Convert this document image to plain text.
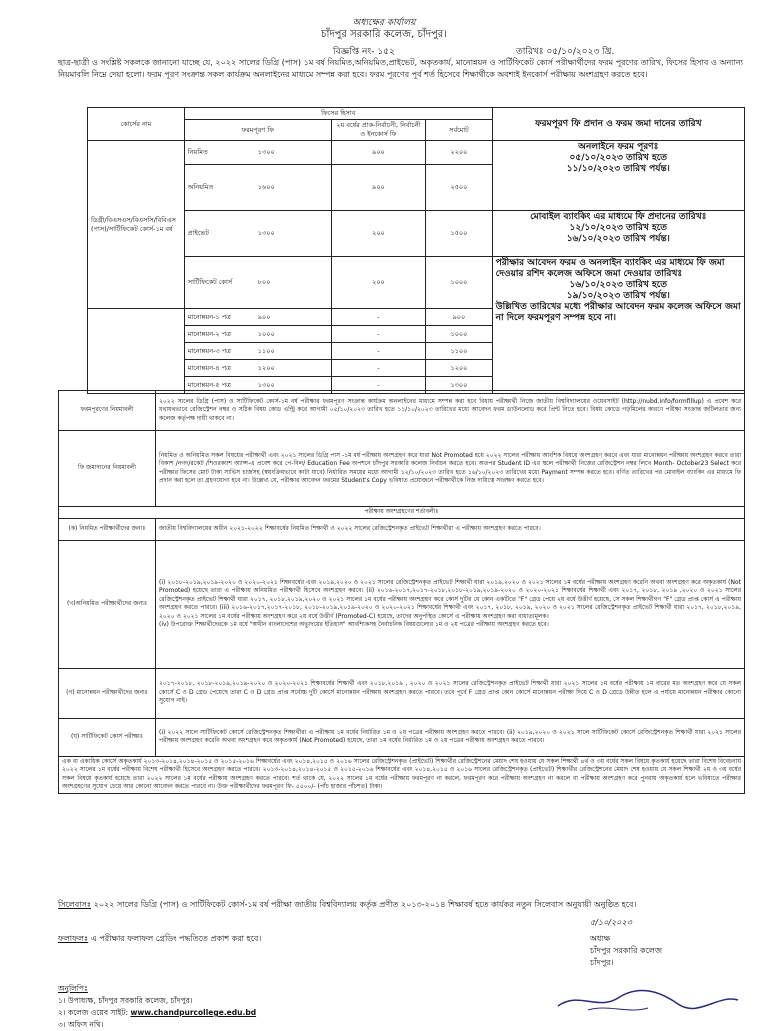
অধ্যক্ষের কার্যালয়
চাঁদপুর সরকারি কলেজ, চাঁদপুর।
বিজ্ঞপ্তি নং- ১৫২	তারিখঃ ০৫/১০/২০২৩ খ্রি.
ছাত্র-ছাত্রী ও সংশ্লিষ্ট সকলকে জানানো যাচ্ছে যে, ২০২২ সালের ডিগ্রি (পাস) ১ম বর্ষ নিয়মিত,অনিয়মিত,প্রাইভেট, অকৃতকার্য, মানোন্নয়ন ও সার্টিফিকেট কোর্স পরীক্ষার্থীদের ফরম পূরণের তারিখ, ফিসের হিসাব ও অন্যান্য নিয়মাবলি নিম্নে দেয়া হলো। ফরম পূরণ সংক্রান্ত সকল কার্যক্রম অনলাইনের মাধ্যমে সম্পন্ন করা হবে। ফরম পূরণের পূর্ব শর্ত হিসেবে শিক্ষার্থীকে অবশ্যই ইনকোর্স পরীক্ষায় অংশগ্রহণ করতে হবে।
কোর্সের নাম	ফিসের হিসাব			ফরমপূরণ ফি প্রদান ও ফরম জমা দানের তারিখ
	ফরমপূরণ ফি	২য় বর্ষের প্রাক-নির্বাচনী, নির্বাচনী ও ইনকোর্স ফি	সর্বমোট	
ডিগ্রী/বিএসএস/বিএসসি/বিবিএস (পাস)/সার্টিফিকেট কোর্স-১ম বর্ষ	নিয়মিত ১৩০০	৯০০	২২০০	অনলাইনে ফরম পূরণঃ
০৫/১০/২০২৩ তারিখ হতে
১১/১০/২০২৩ তারিখ পর্যন্ত।

	অনিয়মিত ১৬০০	৯০০	২৫০০	
	প্রাইভেট ১৩০০	২০০	১৫০০	মোবাইল ব্যাংকিং এর মাধ্যমে ফি প্রদানের তারিখঃ
১২/১০/২০২৩ তারিখ হতে
১৬/১০/২০২৩ তারিখ পর্যন্ত।

	সার্টিফিকেট কোর্স ৮০০	২০০	১০০০	পরীক্ষার আবেদন ফরম ও অনলাইন ব্যাংকিং এর মাধ্যমে ফি জমা দেওয়ার রশিদ কলেজ অফিসে জমা দেওয়ার তারিখঃ
১৬/১০/২০২৩ তারিখ হতে
১৯/১০/২০২৩ তারিখ পর্যন্ত।
উল্লিখিত তারিখের মধ্যে পরীক্ষার আবেদন ফরম কলেজ অফিসে জমা না দিলে ফরমপূরণ সম্পন্ন হবে না।

	মানোন্নয়ন-১ পত্র ৯০০	-	৯০০	
	মানোন্নয়ন-২ পত্র ১০০০	-	১০০০	
	মানোন্নয়ন-৩ পত্র ১১০০	-	১১০০	
	মানোন্নয়ন-৪ পত্র ১২০০	-	১২০০	
	মানোন্নয়ন-৫ পত্র ১৩০০	-	১৩০০	
ফরমপূরণের নিয়মাবলী	২০২২ সালের ডিগ্রি (পাস) ও সার্টিফিকেট কোর্স-১ম বর্ষ পরীক্ষার ফরমপূরণ সংক্রান্ত কার্যক্রম অনলাইনের মাধ্যমে সম্পন্ন করা হবে বিধায় পরীক্ষার্থী নিজে জাতীয় বিশ্ববিদ্যালয়ের ওয়েবসাইট (http://nubd.info/formfillup) এ প্রবেশ করে যথাযথভাবে রেজিস্ট্রেশন নম্বর ও সঠিক বিষয় কোড এন্ট্রি করে আগামী ০৫/১০/২০২৩ তারিখ হতে ১১/১০/২০২৩ তারিখের মধ্যে আবেদন ফরম ডাউনলোড করে প্রিন্ট নিতে হবে। বিষয় কোডে গড়মিলের কারণে পরীক্ষা সংক্রান্ত জটিলতার জন্য কলেজ কর্তৃপক্ষ দায়ী থাকবে না।
ফি জমাদানের নিয়মাবলী	নিয়মিত ও অনিয়মিত সকল বিষয়ের পরীক্ষার্থী এবং ২০২১ সালের ডিগ্রি পাস -১ম বর্ষ পরীক্ষায় অংশগ্রহণ করে যারা Not Promoted হয়ে ২০২২ সালের পরীক্ষায় আংশিক বিষয়ে অংশগ্রহণ করবে এবং যারা মানোন্নয়ন পরীক্ষায় অংশগ্রহণ করবে তারা বিকাশ /নগদ/রকেট /শিওরক্যাশ অ্যাপ্স-এ প্রবেশ করে পে-বিল/ Education Fee অপশনে চাঁদপুর সরকারি কলেজ নির্বাচন করতে হবে। অতপর Student ID এর স্থলে পরীক্ষার্থী নিজের রেজিস্ট্রেশন নম্বর লিখে Month- October23 Select করে পরীক্ষার ফিসের মোট টাকা সার্ভিস চার্জসহ (স্বয়ংক্রিয়ভাবে কাটা যাবে) নির্ধারিত সময়ের মধ্যে আগামী ১২/১০/২০২৩ তারিখ হতে ১৬/১০/২০২৩ তারিখের মধ্যে Payment সম্পন্ন করতে হবে। বর্ণিত তারিখের পর মোবাইল ব্যাংকিং এর মাধ্যমে ফি প্রদান করা হলে তা গ্রহণযোগ্য হবে না। উল্লেখ্য যে, পরীক্ষার আবেদন ফরমের Student's Copy ভবিষ্যত প্রয়োজনে পরীক্ষার্থীকে নিজ দায়িত্বে সংরক্ষণ করতে হবে।
পরীক্ষায় অংশগ্রহণের শর্তাবলীঃ	
(ক) নিয়মিত পরীক্ষার্থীদের জন্যঃ	জাতীয় বিশ্ববিদ্যালয়ের অধীন ২০২১-২০২২ শিক্ষাবর্ষের নিয়মিত শিক্ষার্থী ও ২০২২ সালের রেজিস্ট্রেশনকৃত প্রাইভেট শিক্ষার্থীরা এ পরীক্ষায় অংশগ্রহণ করতে পারবে।
(খ)অনিয়মিত পরীক্ষার্থীদের জন্যঃ	(i) ২০১৮-২০১৯,২০১৯-২০২০ ও ২০২০-২০২১ শিক্ষাবর্ষের এবং ২০১৯,২০২০ ও ২০২১ সালের রেজিস্ট্রেশনকৃত প্রাইভেট শিক্ষার্থী যারা ২০১৯,২০২০ ও ২০২১ সালের ১ম বর্ষের পরীক্ষায় অংশগ্রহণ করেনি অথবা অংশগ্রহণ করে অকৃতকার্য (Not Promoted) হয়েছে তারা এ পরীক্ষায় অনিয়মিত পরীক্ষার্থী হিসেবে অংশগ্রহণ করবে। (ii) ২০১৬-২০১৭,২০১৭-২০১৮,২০১৮-২০১৯,২০১৯-২০২০ ও ২০২০-২০২১ শিক্ষাবর্ষের শিক্ষার্থী এবং ২০১৭, ২০১৮, ২০১৯ ,২০২০ ও ২০২১ সালের রেজিস্ট্রেশনকৃত প্রাইভেট শিক্ষার্থী যারা ২০১৭, ২০১৮,২০১৯,২০২০ ও ২০২১ সালের ১ম বর্ষের পরীক্ষায় অংশগ্রহণ করে কোর্স দুটির যে কোন একটিতে "F" গ্রেড পেয়ে ২য় বর্ষে উত্তীর্ণ হয়েছে, সে সকল শিক্ষার্থীগণ "F" গ্রেড প্রাপ্ত কোর্স এ পরীক্ষায় অংশগ্রহণ করতে পারবে। (iii) ২০১৬-২০১৭,২০১৭-২০১৮, ২০১৮-২০১৯,২০১৯-২০২০ ও ২০২০-২০২১ শিক্ষাবর্ষের শিক্ষার্থী এবং ২০১৭, ২০১৮, ২০১৯, ২০২০ ও ২০২১ সালের রেজিস্ট্রেশনকৃত প্রাইভেট শিক্ষার্থী যারা ২০১৭, ২০১৮,২০১৯, ২০২০ ও ২০২১ সালের ১ম বর্ষের পরীক্ষায় অংশগ্রহণ করে ২য় বর্ষে উত্তীর্ণ (Promoted-C) হয়েছে, তাদের অনুপস্থিত কোর্সে এ পরীক্ষায় অংশগ্রহণ করা বাধ্যতামূলক।
(iv) উপরোক্ত শিক্ষার্থীদেরকে ১ম বর্ষে "স্বাধীন বাংলাদেশের অভ্যুদয়ের ইতিহাস" আবশ্যিকসহ নৈর্বাচনিক বিষয়গুলোর ১ম ও ২য় পত্রের পরীক্ষায় অংশগ্রহণ করতে হবে।

(গ) মানোন্নয়ন পরীক্ষার্থীদের জন্যঃ	২০১৭-২০১৮, ২০১৮-২০১৯,২০১৯-২০২০ ও ২০২০-২০২১ শিক্ষাবর্ষের শিক্ষার্থী এবং ২০১৮,২০১৯ , ২০২০ ও ২০২১ সালের রেজিস্ট্রেশনকৃত প্রাইভেট শিক্ষার্থী যারা ২০২১ সালের ১ম বর্ষের পরীক্ষায় ১ম বারের মত অংশগ্রহণ করে যে সকল কোর্সে C ও D গ্রেড পেয়েছে তারা C ও D গ্রেড প্রাপ্ত সর্বোচ্চ দুটি কোর্সে মানোন্নয়ন পরীক্ষায় অংশগ্রহণ করতে পারবে। তবে পূর্বে F গ্রেড প্রাপ্ত কোন কোর্সে মানোন্নয়ন পরীক্ষা দিয়ে C ও D গ্রেডে উন্নীত হলে এ পর্যায়ে মানোন্নয়ন পরীক্ষার কোনো সুযোগ নাই।
(ঘ) সার্টিফিকেট কোর্স পরীক্ষাঃ	(i) ২০২২ সালে সার্টিফিকেট কোর্সে রেজিস্ট্রেশনকৃত শিক্ষার্থীরা এ পরীক্ষায় ১ম বর্ষের নির্ধারিত ১ম ও ২য় পত্রের পরীক্ষায় অংশগ্রহণ করতে পারবে। (ii) ২০১৯,২০২০ ও ২০২১ সালে সার্টিফিকেট কোর্সে রেজিস্ট্রেশনকৃত শিক্ষার্থী যারা ২০২১ সালের পরীক্ষায় অংশগ্রহণ করেনি অথবা অংশগ্রহণ করে অকৃতকার্য (Not Promoted) হয়েছে, তারা ১ম বর্ষের নির্ধারিত ১ম ও ২য় পত্রের পরীক্ষায় অংশগ্রহণ করতে পারবে।
এক বা একাধিক কোর্সে অকৃতকার্য ২০১৩-২০১৪,২০১৪-২০১৫ ও ২০১৫-২০১৬ শিক্ষাবর্ষের এবং ২০১৪,২০১৫ ও ২০১৬ সালের রেজিস্ট্রেশনকৃত (প্রাইভেট) শিক্ষার্থীর রেজিস্ট্রেশনের মেয়াদ শেষ হওয়ায় যে সকল শিক্ষার্থী ৪র্থ ও ৩য় বর্ষের সকল বিষয়ে কৃতকার্য হয়েছে তারা বিশেষ বিবেচনায় ২০২২ সালের ১ম বর্ষের পরীক্ষায় বিশেষ পরীক্ষার্থী হিসেবে অংশগ্রহণ করতে পারবে। ২০১৩-২০১৪,২০১৪-২০১৫ ও ২০১৫-২০১৬ শিক্ষাবর্ষের এবং ২০১৪,২০১৫ ও ২০১৬ সালের রেজিস্ট্রেশনকৃত (প্রাইভেট) শিক্ষার্থীর রেজিস্ট্রেশনের মেয়াদ শেষ হওয়ায় যে সকল শিক্ষার্থী ২য় ও ৩য় বর্ষের সকল বিষয়ে কৃতকার্য হয়েছে তারা ২০২২ সালের ১ম বর্ষের পরীক্ষায় অংশগ্রহণ করতে পারবে। শর্ত থাকে যে, ২০২২ সালের ১ম বর্ষের পরীক্ষায় ফরমপূরণ না করলে, ফরমপূরণ করে পরীক্ষায় অংশগ্রহণ না করলে বা পরীক্ষায় অংশগ্রহণ করে পুনরায় অকৃতকার্য হলে ভবিষ্যতে পরীক্ষার অংশগ্রহণের সুযোগ চেয়ে আর কোনো আবেদন করতে পারবে না। উক্ত পরীক্ষার্থীদের ফরমপূরণ ফি- ৫৫০০/- (পাঁচ হাজার পাঁচশত) টাকা।	
সিলেবাসঃ ২০২২ সালের ডিগ্রি (পাস) ও সার্টিফিকেট কোর্স-১ম বর্ষ পরীক্ষা জাতীয় বিশ্ববিদ্যালয় কর্তৃক প্রণীত ২০১৩-২০১৪ শিক্ষাবর্ষ হতে কার্যকর নতুন সিলেবাস অনুযায়ী অনুষ্ঠিত হবে।
ফলাফলঃ এ পরীক্ষার ফলাফল গ্রেডিং পদ্ধতিতে প্রকাশ করা হবে।
৫/১০/২০২৩
অধ্যক্ষ
চাঁদপুর সরকারি কলেজ
চাঁদপুর।
অনুলিপিঃ
১। উপাধ্যক্ষ, চাঁদপুর সরকারি কলেজ, চাঁদপুর।
২। কলেজ ওয়েব সাইট: www.chandpurcollege.edu.bd
৩। অফিস নথি।
